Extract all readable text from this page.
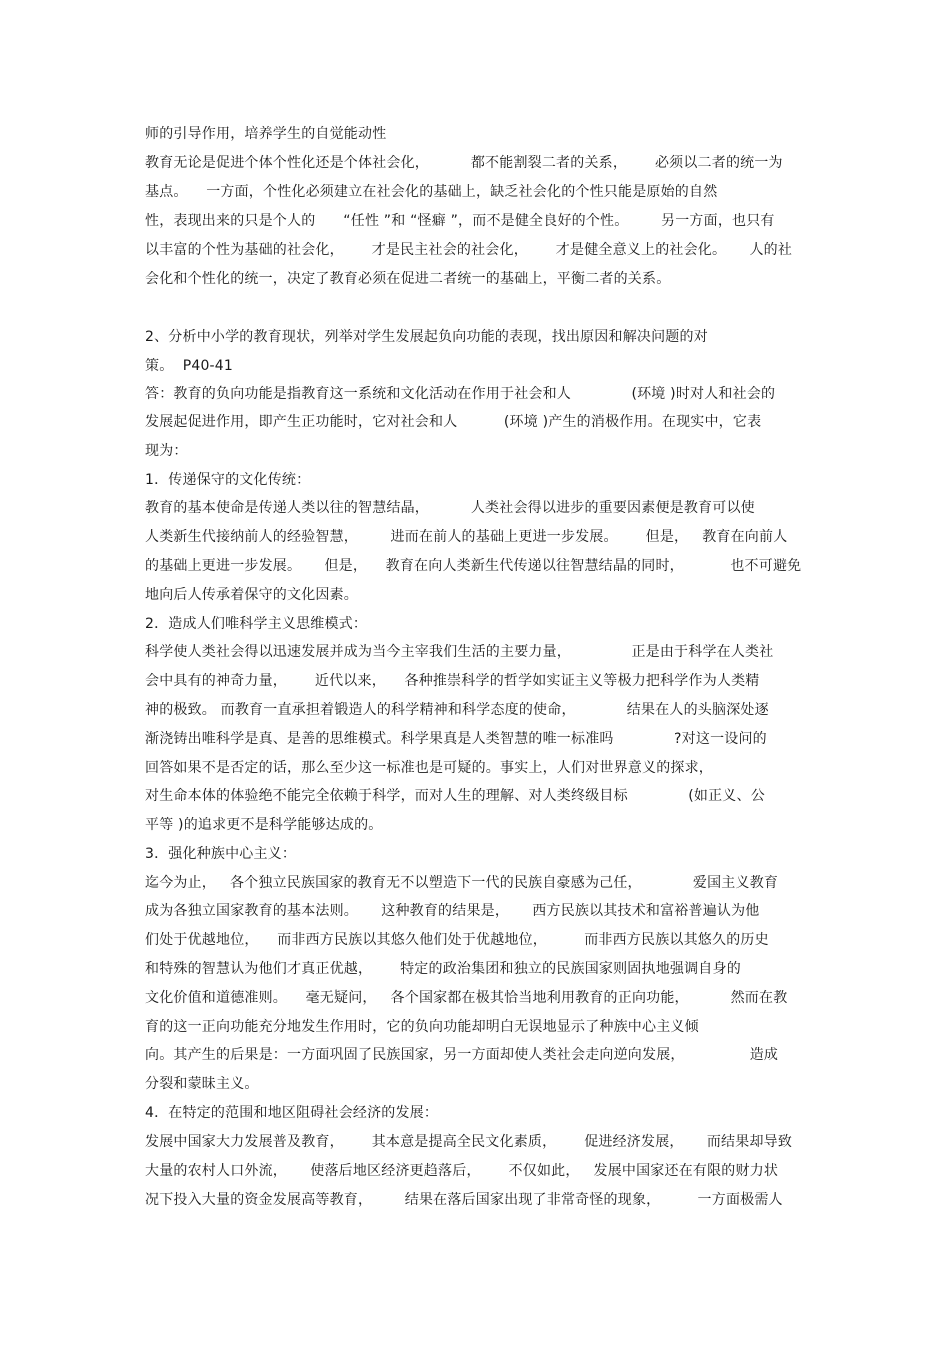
师的引导作用，培养学生的自觉能动性
教育无论是促进个体个性化还是个体社会化，         都不能割裂二者的关系，      必须以二者的统一为
基点。    一方面，个性化必须建立在社会化的基础上，缺乏社会化的个性只能是原始的自然
性，表现出来的只是个人的      “任性 ”和 “怪癖 ”，而不是健全良好的个性。       另一方面，也只有
以丰富的个性为基础的社会化，      才是民主社会的社会化，      才是健全意义上的社会化。     人的社
会化和个性化的统一，决定了教育必须在促进二者统一的基础上，平衡二者的关系。
2、分析中小学的教育现状，列举对学生发展起负向功能的表现，找出原因和解决问题的对
策。  P40-41
答：教育的负向功能是指教育这一系统和文化活动在作用于社会和人             (环境 )时对人和社会的
发展起促进作用，即产生正功能时，它对社会和人          (环境 )产生的消极作用。在现实中，它表
现为：
1．传递保守的文化传统：
教育的基本使命是传递人类以往的智慧结晶，         人类社会得以进步的重要因素便是教育可以使
人类新生代接纳前人的经验智慧，       进而在前人的基础上更进一步发展。      但是，   教育在向前人
的基础上更进一步发展。     但是，    教育在向人类新生代传递以往智慧结晶的同时，          也不可避免
地向后人传承着保守的文化因素。
2．造成人们唯科学主义思维模式：
科学使人类社会得以迅速发展并成为当今主宰我们生活的主要力量，             正是由于科学在人类社
会中具有的神奇力量，      近代以来，    各种推崇科学的哲学如实证主义等极力把科学作为人类精
神的极致。 而教育一直承担着锻造人的科学精神和科学态度的使命，           结果在人的头脑深处逐
渐浇铸出唯科学是真、是善的思维模式。科学果真是人类智慧的唯一标准吗             ?对这一设问的
回答如果不是否定的话，那么至少这一标准也是可疑的。事实上，人们对世界意义的探求，
对生命本体的体验绝不能完全依赖于科学，而对人生的理解、对人类终级目标             (如正义、公
平等 )的追求更不是科学能够达成的。
3．强化种族中心主义：
迄今为止，   各个独立民族国家的教育无不以塑造下一代的民族自豪感为己任，           爱国主义教育
成为各独立国家教育的基本法则。     这种教育的结果是，     西方民族以其技术和富裕普遍认为他
们处于优越地位，    而非西方民族以其悠久他们处于优越地位，        而非西方民族以其悠久的历史
和特殊的智慧认为他们才真正优越，      特定的政治集团和独立的民族国家则固执地强调自身的
文化价值和道德准则。    毫无疑问，   各个国家都在极其恰当地利用教育的正向功能，         然而在教
育的这一正向功能充分地发生作用时，它的负向功能却明白无误地显示了种族中心主义倾
向。其产生的后果是：一方面巩固了民族国家，另一方面却使人类社会走向逆向发展，              造成
分裂和蒙昧主义。
4．在特定的范围和地区阻碍社会经济的发展：
发展中国家大力发展普及教育，      其本意是提高全民文化素质，      促进经济发展，     而结果却导致
大量的农村人口外流，     使落后地区经济更趋落后，      不仅如此，   发展中国家还在有限的财力状
况下投入大量的资金发展高等教育，       结果在落后国家出现了非常奇怪的现象，        一方面极需人
